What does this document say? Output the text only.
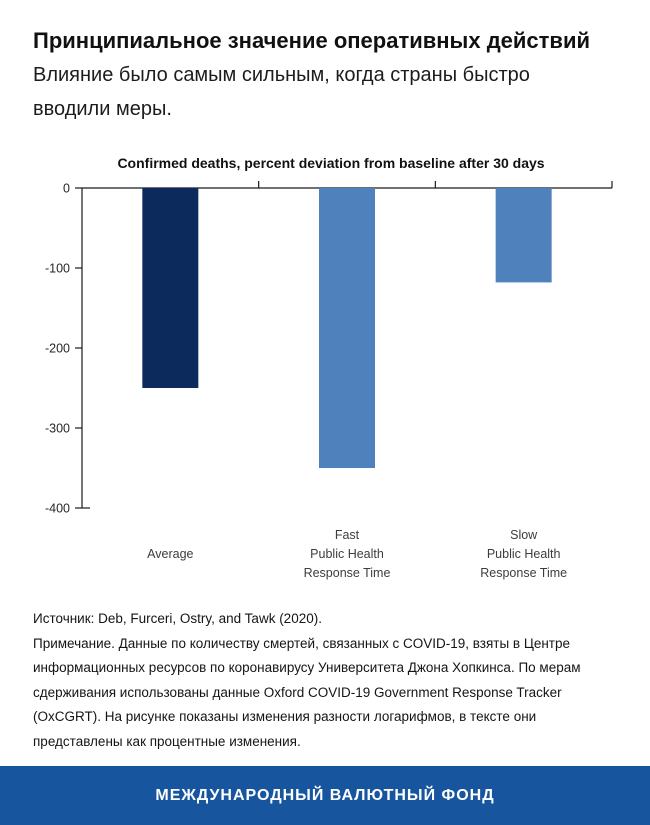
Принципиальное значение оперативных действий

Влияние было самым сильным, когда страны быстро вводили меры.

Confirmed deaths, percent deviation from baseline after 30 days
0
-100
-200
-300
-400
Average
Fast
Public Health
Response Time
Slow
Public Health
Response Time

Источник: Deb, Furceri, Ostry, and Tawk (2020).

Примечание. Данные по количеству смертей, связанных с COVID-19, взяты в Центре информационных ресурсов по коронавирусу Университета Джона Хопкинса. По мерам сдерживания использованы данные Oxford COVID-19 Government Response Tracker (OxCGRT). На рисунке показаны изменения разности логарифмов, в тексте они представлены как процентные изменения.

МЕЖДУНАРОДНЫЙ ВАЛЮТНЫЙ ФОНД
